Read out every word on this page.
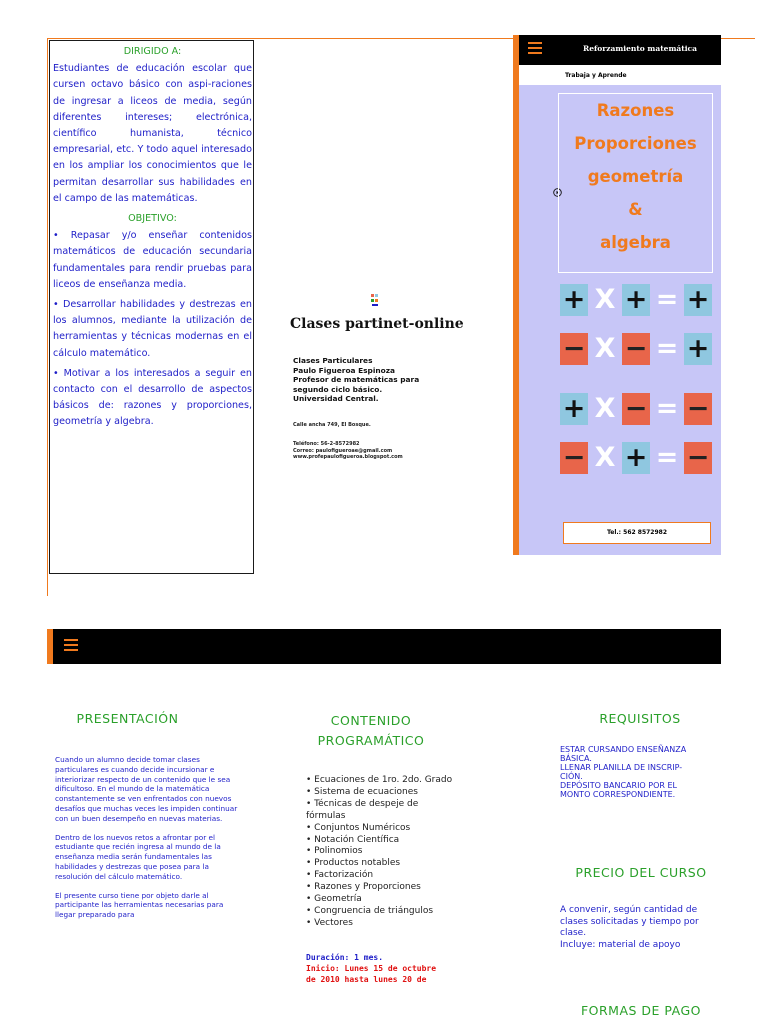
DIRIGIDO A:

Estudiantes de educación escolar que cursen octavo básico con aspi-raciones de ingresar a liceos de media, según diferentes intereses; electrónica, científico humanista, técnico empresarial, etc. Y todo aquel interesado en los ampliar los conocimientos que le permitan desarrollar sus habilidades en el campo de las matemáticas.

OBJETIVO:

• Repasar y/o enseñar contenidos matemáticos de educación secundaria fundamentales para rendir pruebas para liceos de enseñanza media.

• Desarrollar habilidades y destrezas en los alumnos, mediante la utilización de herramientas y técnicas modernas en el cálculo matemático.

• Motivar a los interesados a seguir en contacto con el desarrollo de aspectos básicos de: razones y proporciones, geometría y algebra.

Clases partinet-online
Clases Particulares
Paulo Figueroa Espinoza
Profesor de matemáticas para
segundo ciclo básico.
Universidad Central.
Calle ancha 749, El Bosque.
Teléfono: 56-2-8572982
Correo: paulofigueroae@gmail.com
www.profepaulofigueroa.blogspot.com
Reforzamiento matemática
Trabaja y Aprende
Razones
Proporciones
geometría
&
algebra
+ X + = +
− X − = +
+ X − = −
− X + = −
Tel.: 562 8572982
PRESENTACIÓN
Cuando un alumno decide tomar clases particulares es cuando decide incursionar e interiorizar respecto de un contenido que le sea dificultoso. En el mundo de la matemática constantemente se ven enfrentados con nuevos desafíos que muchas veces les impiden continuar con un buen desempeño en nuevas materias.
Dentro de los nuevos retos a afrontar por el estudiante que recién ingresa al mundo de la enseñanza media serán fundamentales las habilidades y destrezas que posea para la resolución del cálculo matemático.
El presente curso tiene por objeto darle al participante las herramientas necesarias para llegar preparado para
CONTENIDO
PROGRAMÁTICO
• Ecuaciones de 1ro. 2do. Grado
• Sistema de ecuaciones
• Técnicas de despeje de
fórmulas
• Conjuntos Numéricos
• Notación Científica
• Polinomios
• Productos notables
• Factorización
• Razones y Proporciones
• Geometría
• Congruencia de triángulos
• Vectores
Duración: 1 mes.
Inicio: Lunes 15 de octubre
de 2010 hasta lunes 20 de
REQUISITOS
ESTAR CURSANDO ENSEÑANZA
BÁSICA.
LLENAR PLANILLA DE INSCRIP-
CIÓN.
DEPÓSITO BANCARIO POR EL
MONTO CORRESPONDIENTE.
PRECIO DEL CURSO
A convenir, según cantidad de
clases solicitadas y tiempo por
clase.
Incluye: material de apoyo
FORMAS DE PAGO
